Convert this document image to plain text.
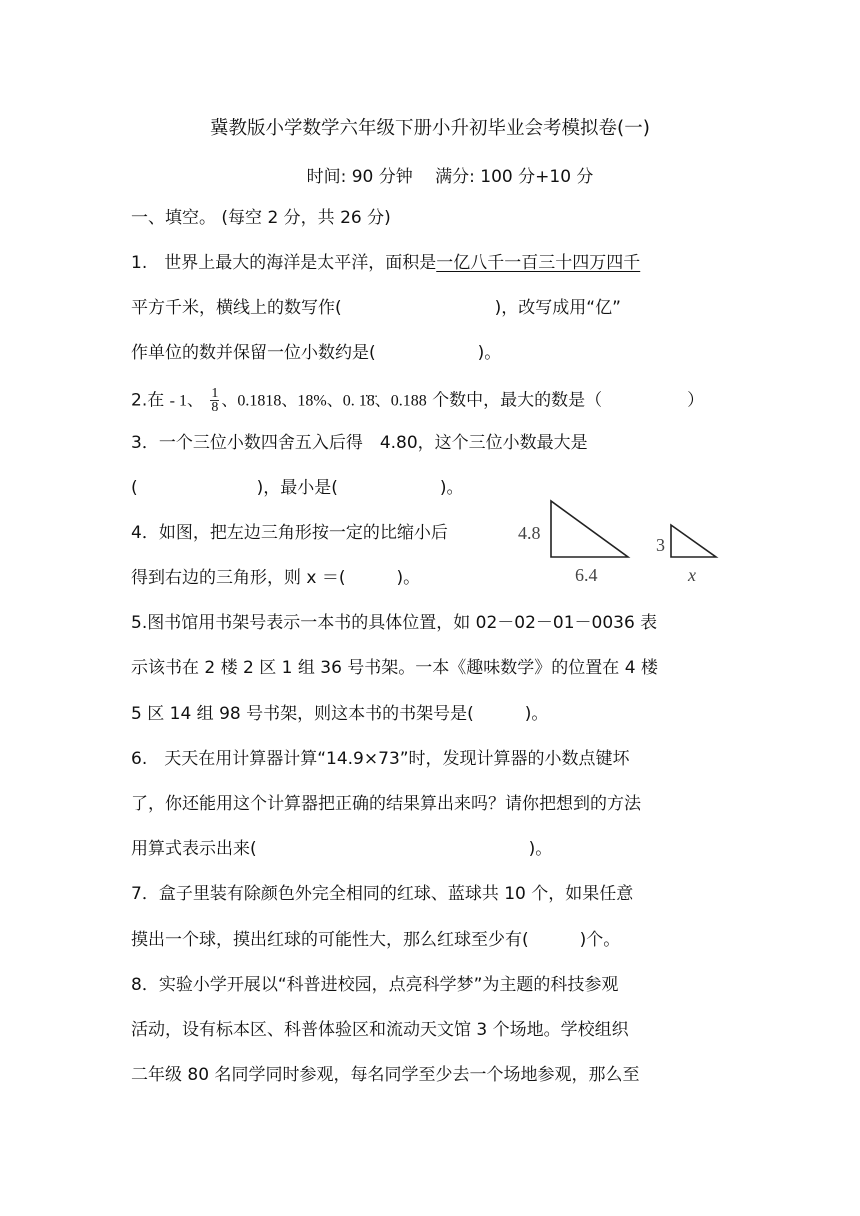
冀教版小学数学六年级下册小升初毕业会考模拟卷(一)
时间: 90 分钟　 满分: 100 分+10 分
一、填空。 (每空 2 分，共 26 分)
1.　世界上最大的海洋是太平洋，面积是一亿八千一百三十四万四千
平方千米，横线上的数写作(　　　　　　　　　)，改写成用“亿”
作单位的数并保留一位小数约是(　　　　　　)。
2.在 - 1、 $\frac{1}{8}$ 、0.1818、18%、0. 1̇8̈、0.188 个数中，最大的数是（　　　　　）
3．一个三位小数四舍五入后得　4.80，这个三位小数最大是
(　　　　　　　)，最小是(　　　　　　)。
4．如图，把左边三角形按一定的比缩小后
得到右边的三角形，则 x ＝(　　　)。
4.8
6.4
3
x
5.图书馆用书架号表示一本书的具体位置，如 02－02－01－0036 表
示该书在 2 楼 2 区 1 组 36 号书架。一本《趣味数学》的位置在 4 楼
5 区 14 组 98 号书架，则这本书的书架号是(　　　)。
6.　天天在用计算器计算“14.9×73”时，发现计算器的小数点键坏
了，你还能用这个计算器把正确的结果算出来吗？请你把想到的方法
用算式表示出来(　　　　　　　　　　　　　　　　)。
7．盒子里装有除颜色外完全相同的红球、蓝球共 10 个，如果任意
摸出一个球，摸出红球的可能性大，那么红球至少有(　　　)个。
8．实验小学开展以“科普进校园，点亮科学梦”为主题的科技参观
活动，设有标本区、科普体验区和流动天文馆 3 个场地。学校组织
二年级 80 名同学同时参观，每名同学至少去一个场地参观，那么至
